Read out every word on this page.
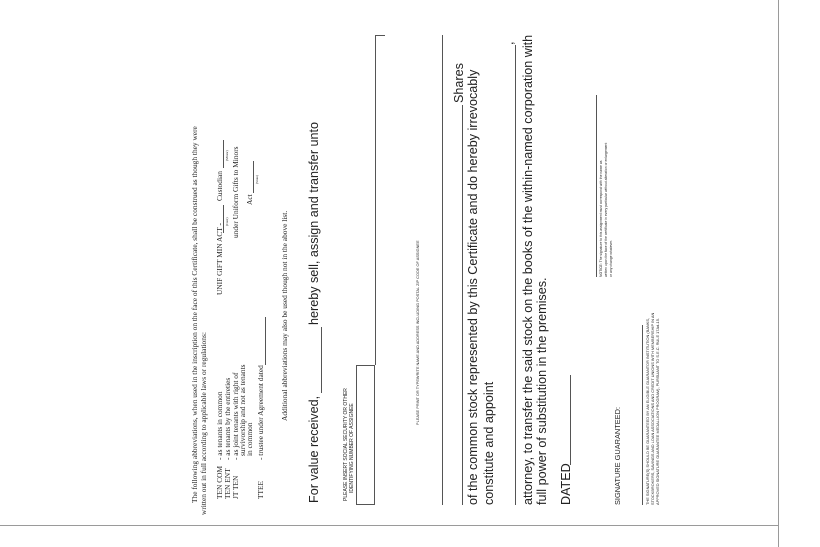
The following abbreviations, when used in the inscription on the face of this Certificate, shall be construed as though they were written out in full according to applicable laws or regulations: TEN COM
- as tenants in common
TEN ENT
- as tenants by the entireties
JT TEN
- as joint tenants with right of
survivorship and not as tenants
in common
TTEE
- trustee under Agreement dated
UNIF GIFT MIN ACT -
Custodian
(Cust)
(Minor) under Uniform Gifts to Minors Act
(State)
Additional abbreviations may also be used though not in the above list.
For value received,
hereby sell, assign and transfer unto
PLEASE INSERT SOCIAL SECURITY OR OTHER IDENTIFYING NUMBER OF ASSIGNEE
PLEASE PRINT OR TYPEWRITE NAME AND ADDRESS INCLUDING POSTAL ZIP CODE OF ASSIGNEE
Shares of the common stock represented by this Certificate and do hereby irrevocably constitute and appoint
, attorney, to transfer the said stock on the books of the within-named corporation with full power of substitution in the premises. DATED
NOTICE: The signature to this assignment must correspond with the name as written upon the face of the certificate in every particular without alteration or enlargement or any change whatever.
SIGNATURE GUARANTEED:	THE SIGNATURE(S) SHOULD BE GUARANTEED BY AN ELIGIBLE GUARANTOR INSTITUTION (BANKS, STOCKBROKERS, SAVINGS AND LOAN ASSOCIATIONS AND CREDIT UNIONS WITH MEMBERSHIP IN AN APPROVED SIGNATURE GUARANTEE MEDALLION PROGRAM), PURSUANT TO S.E.C. RULE 17Ad-15.
